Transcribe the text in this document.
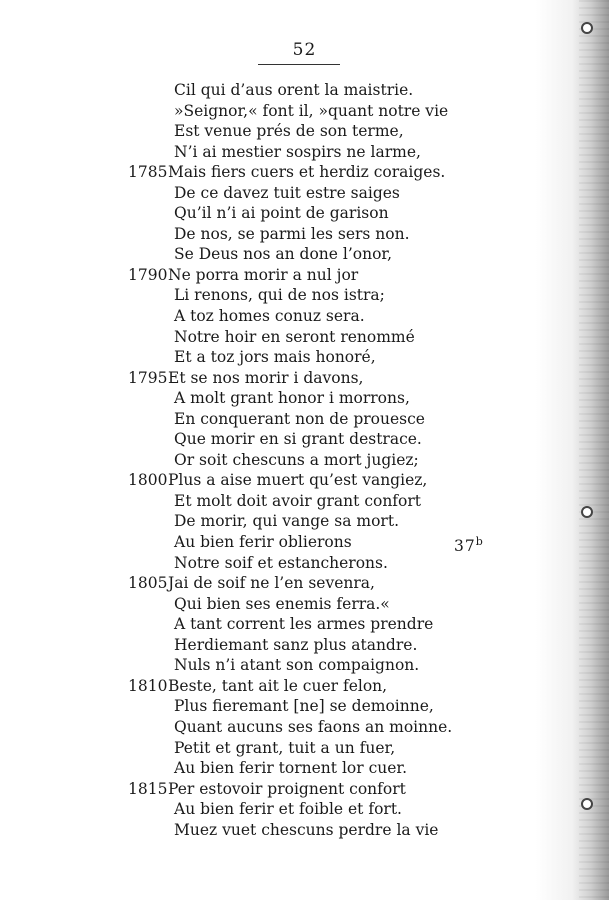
52
Cil qui d’aus orent la maistrie.
»Seignor,« font il, »quant notre vie
Est venue prés de son terme,
N’i ai mestier sospirs ne larme,
1785 Mais fiers cuers et herdiz coraiges.
De ce davez tuit estre saiges
Qu’il n’i ai point de garison
De nos, se parmi les sers non.
Se Deus nos an done l’onor,
1790 Ne porra morir a nul jor
Li renons, qui de nos istra;
A toz homes conuz sera.
Notre hoir en seront renommé
Et a toz jors mais honoré,
1795 Et se nos morir i davons,
A molt grant honor i morrons,
En conquerant non de prouesce
Que morir en si grant destrace.
Or soit chescuns a mort jugiez;
1800 Plus a aise muert qu’est vangiez,
Et molt doit avoir grant confort
De morir, qui vange sa mort.
Au bien ferir oblierons	37$^b$
Notre soif et estancherons.
1805 Jai de soif ne l’en sevenra,
Qui bien ses enemis ferra.«
A tant corrent les armes prendre
Herdiemant sanz plus atandre.
Nuls n’i atant son compaignon.
1810 Beste, tant ait le cuer felon,
Plus fieremant [ne] se demoinne,
Quant aucuns ses faons an moinne.
Petit et grant, tuit a un fuer,
Au bien ferir tornent lor cuer.
1815 Per estovoir proignent confort
Au bien ferir et foible et fort.
Muez vuet chescuns perdre la vie
